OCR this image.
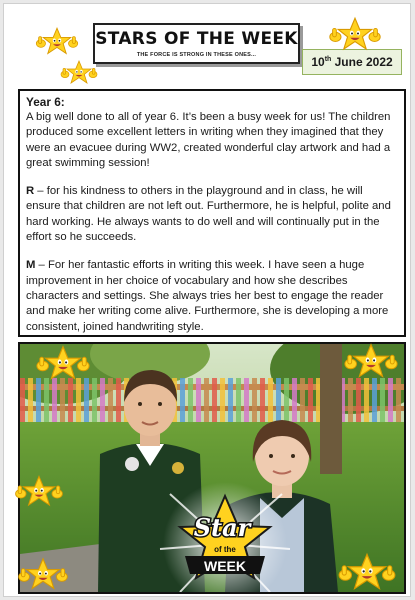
STARS OF THE WEEK
THE FORCE IS STRONG IN THESE ONES...	10th June 2022
Year 6:

A big well done to all of year 6. It’s been a busy week for us! The children produced some excellent letters in writing when they imagined that they were an evacuee during WW2, created wonderful clay artwork and had a great swimming session!

R – for his kindness to others in the playground and in class, he will ensure that children are not left out. Furthermore, he is helpful, polite and hard working. He always wants to do well and will continually put in the effort so he succeeds.

M – For her fantastic efforts in writing this week. I have seen a huge improvement in her choice of vocabulary and how she describes characters and settings. She always tries her best to engage the reader and make her writing come alive. Furthermore, she is developing a more consistent, joined handwriting style.

Star
of the
WEEK
